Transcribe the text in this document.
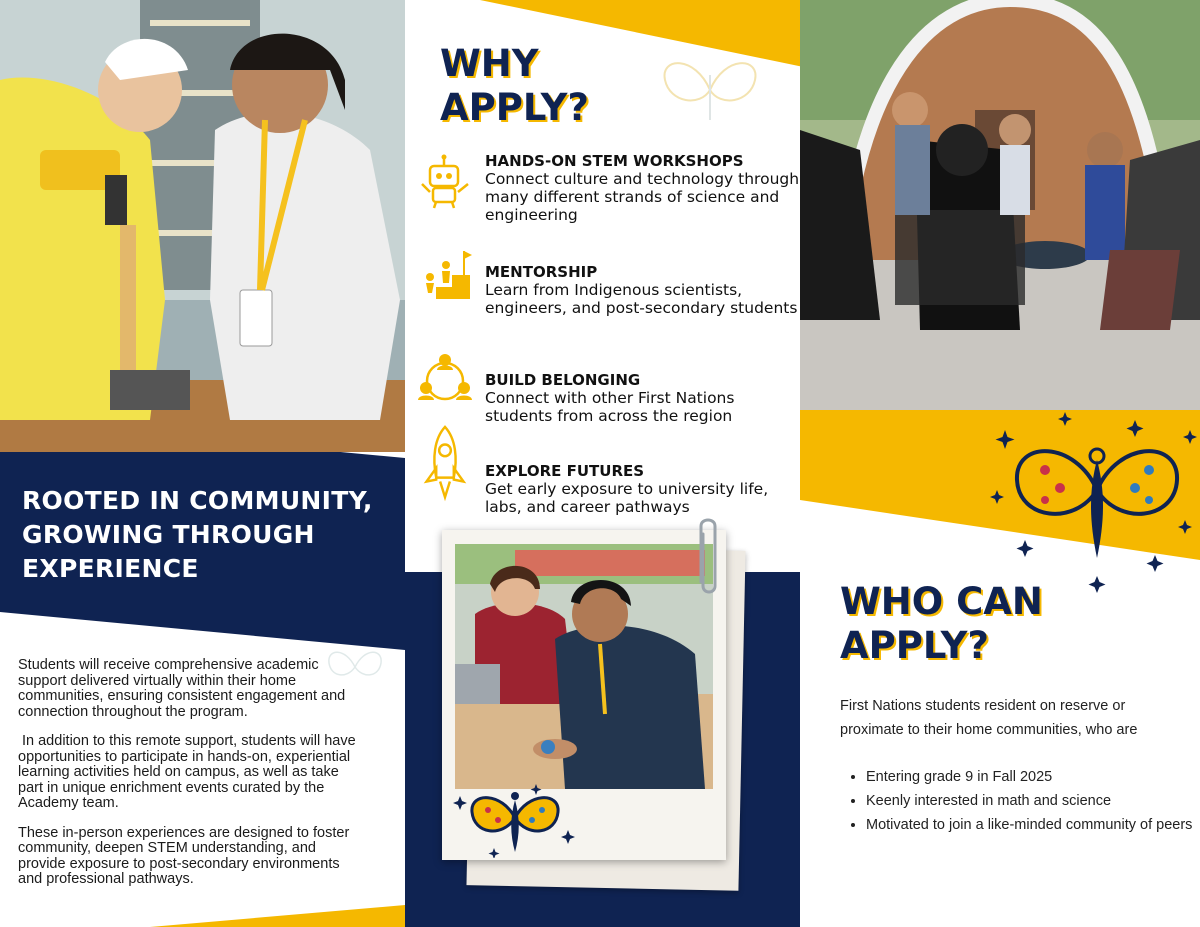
ROOTED IN COMMUNITY,
GROWING THROUGH
EXPERIENCE

Students will receive comprehensive academic support delivered virtually within their home communities, ensuring consistent engagement and connection throughout the program.

In addition to this remote support, students will have opportunities to participate in hands-on, experiential learning activities held on campus, as well as take part in unique enrichment events curated by the Academy team.

These in-person experiences are designed to foster community, deepen STEM understanding, and provide exposure to post-secondary environments and professional pathways.

WHY
APPLY?
HANDS-ON STEM WORKSHOPS
Connect culture and technology through many different strands of science and engineering
MENTORSHIP
Learn from Indigenous scientists, engineers, and post-secondary students
BUILD BELONGING
Connect with other First Nations students from across the region
EXPLORE FUTURES
Get early exposure to university life, labs, and career pathways
WHO CAN
APPLY?
First Nations students resident on reserve or proximate to their home communities, who are
• Entering grade 9 in Fall 2025
• Keenly interested in math and science
• Motivated to join a like-minded community of peers
